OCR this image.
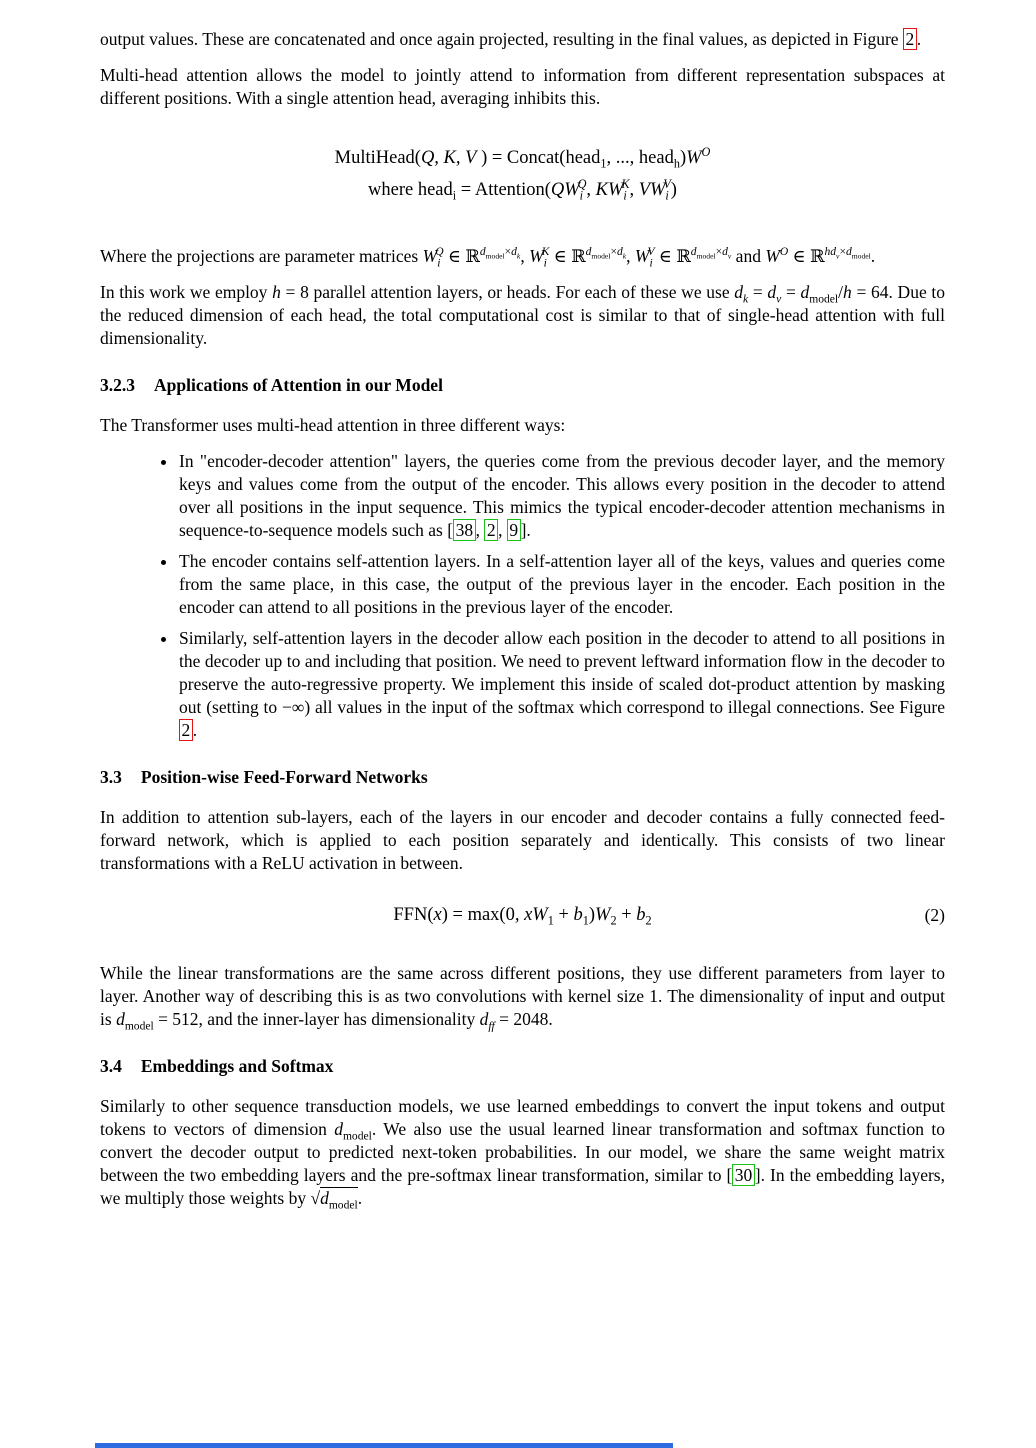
output values. These are concatenated and once again projected, resulting in the final values, as depicted in Figure 2 .

Multi-head attention allows the model to jointly attend to information from different representation subspaces at different positions. With a single attention head, averaging inhibits this.

MultiHead(Q, K, V ) = Concat(head$_1$, ..., $head_h)W^O$
where head$_i$ = $Attention(QW_i^Q$, $KW_i^K$, $VW_i^V$)

Where the projections are parameter matrices $W_i^Q$ ∈ ℝ$^{d_{model}\times d_k}$, $W_i^K$ ∈ ℝ$^{d_{model}\times d_k}$, $W_i^V$ ∈ ℝ$^{d_{model}\times d_v}$ and $W^O$ ∈ ℝ$^{hd_v\times d_{model}}$.

In this work we employ h = 8 parallel attention layers, or heads. For each of these we use $d_k = d_v = d_{model}/h = 64$. Due to the reduced dimension of each head, the total computational cost is similar to that of single-head attention with full dimensionality.

3.2.3 Applications of Attention in our Model

The Transformer uses multi-head attention in three different ways:

• In "encoder-decoder attention" layers, the queries come from the previous decoder layer, and the memory keys and values come from the output of the encoder. This allows every position in the decoder to attend over all positions in the input sequence. This mimics the typical encoder-decoder attention mechanisms in sequence-to-sequence models such as [ 38 , 2 , 9 ].
• The encoder contains self-attention layers. In a self-attention layer all of the keys, values and queries come from the same place, in this case, the output of the previous layer in the encoder. Each position in the encoder can attend to all positions in the previous layer of the encoder.
• Similarly, self-attention layers in the decoder allow each position in the decoder to attend to all positions in the decoder up to and including that position. We need to prevent leftward information flow in the decoder to preserve the auto-regressive property. We implement this inside of scaled dot-product attention by masking out (setting to −∞) all values in the input of the softmax which correspond to illegal connections. See Figure 2 .
3.3 Position-wise Feed-Forward Networks

In addition to attention sub-layers, each of the layers in our encoder and decoder contains a fully connected feed-forward network, which is applied to each position separately and identically. This consists of two linear transformations with a ReLU activation in between.

FFN(x) = max(0, $xW_1 + b_1)W_2 + b_2$	(2)

While the linear transformations are the same across different positions, they use different parameters from layer to layer. Another way of describing this is as two convolutions with kernel size 1. The dimensionality of input and output is $d_{model} = 512$, and the inner-layer has dimensionality $d_{ff} = 2048$.

3.4 Embeddings and Softmax

Similarly to other sequence transduction models, we use learned embeddings to convert the input tokens and output tokens to vectors of dimension $d_{model}$. We also use the usual learned linear transformation and softmax function to convert the decoder output to predicted next-token probabilities. In our model, we share the same weight matrix between the two embedding layers and the pre-softmax linear transformation, similar to [ 30 ]. In the embedding layers, we multiply those weights by $√d_{model}$.
